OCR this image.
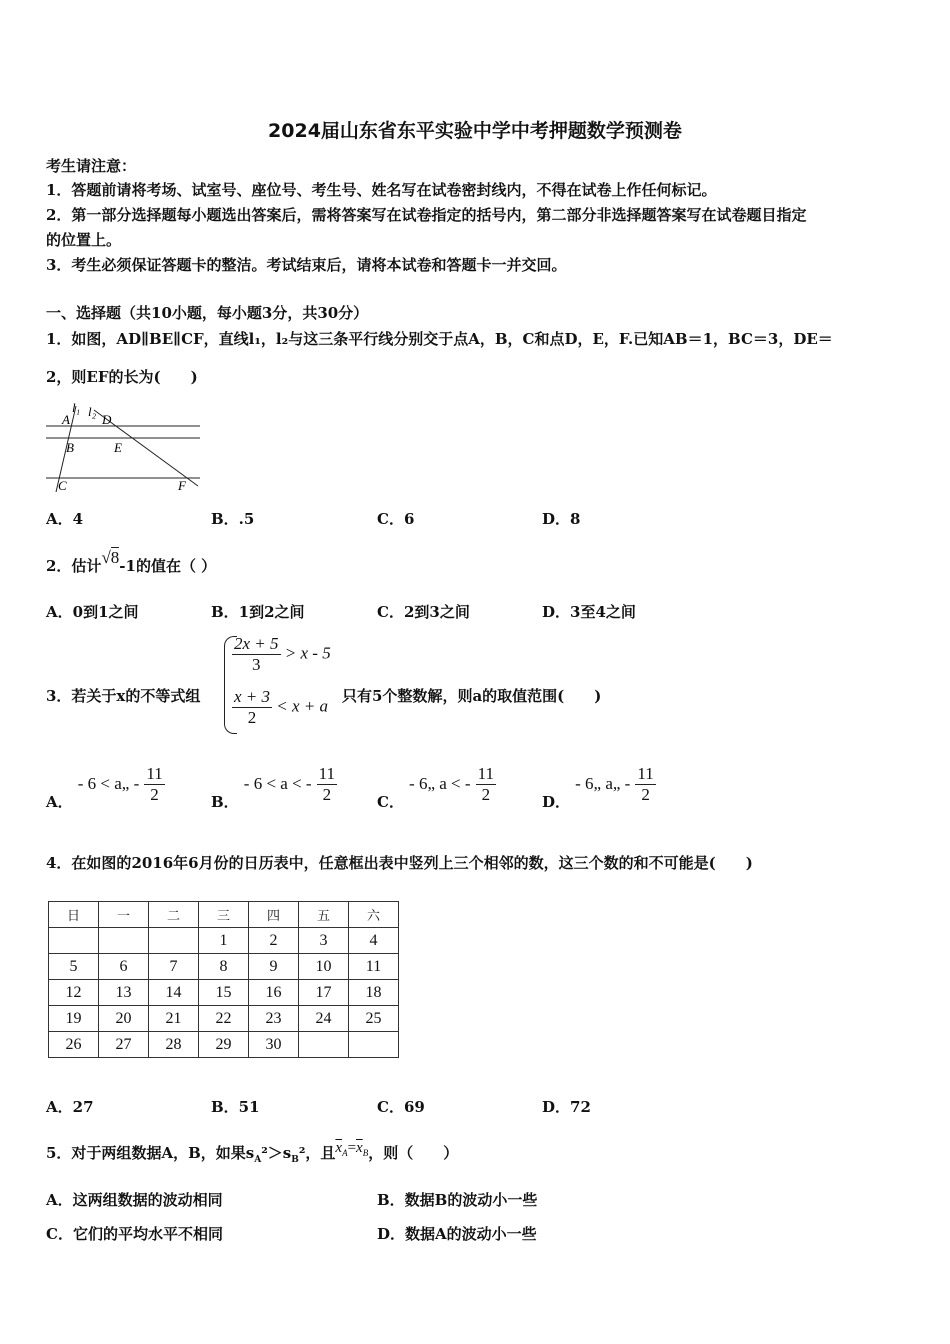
2024届山东省东平实验中学中考押题数学预测卷
考生请注意：
1．答题前请将考场、试室号、座位号、考生号、姓名写在试卷密封线内，不得在试卷上作任何标记。
2．第一部分选择题每小题选出答案后，需将答案写在试卷指定的括号内，第二部分非选择题答案写在试卷题目指定
的位置上。
3．考生必须保证答题卡的整洁。考试结束后，请将本试卷和答题卡一并交回。
一、选择题（共10小题，每小题3分，共30分）
1．如图，AD∥BE∥CF，直线l₁，l₂与这三条平行线分别交于点A，B，C和点D，E，F.已知AB＝1，BC＝3，DE＝
2，则EF的长为(　　)
l₁ l₂
A D
B	E
C	F
A．4	B．.5	C．6	D．8
2．估计√8-1的值在（ ）
A．0到1之间	B．1到2之间	C．2到3之间	D．3至4之间
3．若关于x的不等式组
$\frac{2x + 5}{3} > x - 5$
$\frac{x + 3}{2} < x + a$
只有5个整数解，则a的取值范围(　　)
A． - 6 < a„ - $\frac{11}{2}$	B． - 6 < a < - $\frac{11}{2}$	C． - 6„ a < - $\frac{11}{2}$	D． - 6„ a„ - $\frac{11}{2}$
4．在如图的2016年6月份的日历表中，任意框出表中竖列上三个相邻的数，这三个数的和不可能是(　　)
日	一	二	三	四	五	六
			1	2	3	4
5	6	7	8	9	10	11
12	13	14	15	16	17	18
19	20	21	22	23	24	25
26	27	28	29	30		
A．27	B．51	C．69	D．72
5．对于两组数据A，B，如果$s_A^2>s_B^2$，且$\overline{x}_A=\overline{x}_B$，则（　　）
A．这两组数据的波动相同	B．数据B的波动小一些
C．它们的平均水平不相同	D．数据A的波动小一些
